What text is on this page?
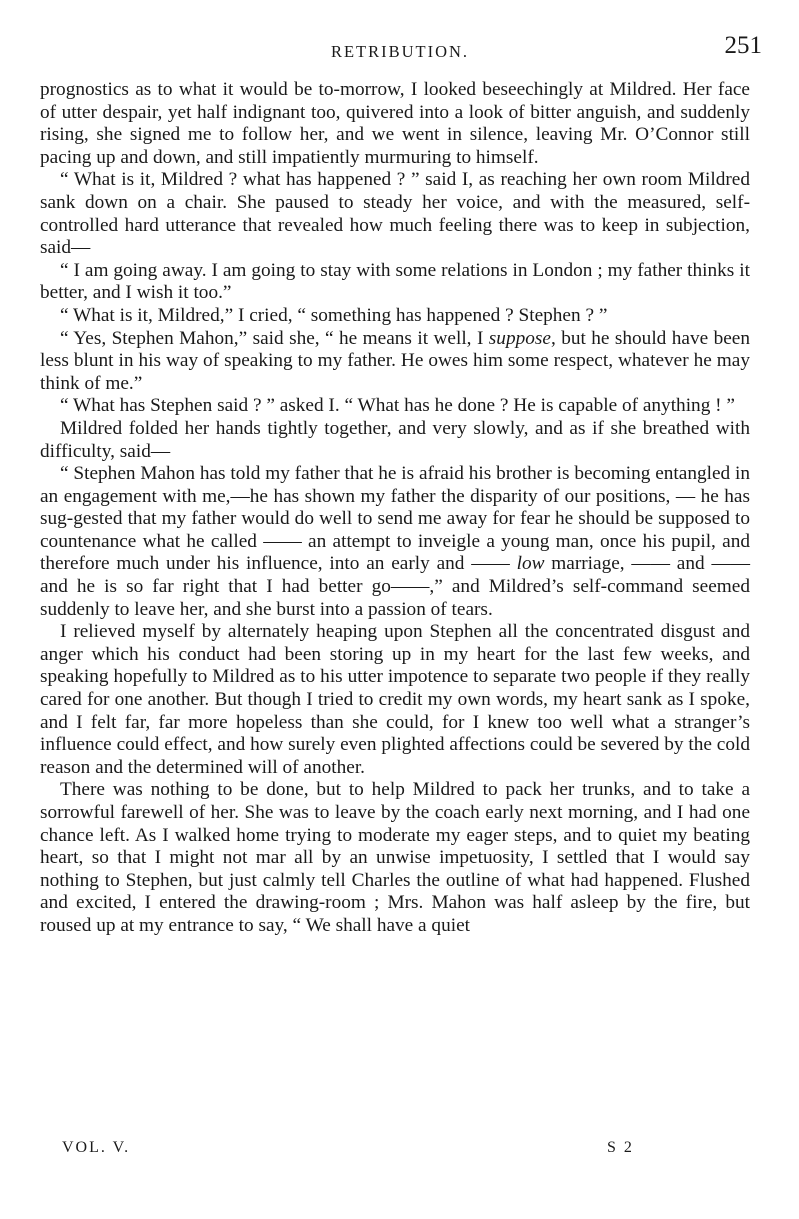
RETRIBUTION.	251

prognostics as to what it would be to-morrow, I looked beseechingly at Mildred. Her face of utter despair, yet half indignant too, quivered into a look of bitter anguish, and suddenly rising, she signed me to follow her, and we went in silence, leaving Mr. O’Connor still pacing up and down, and still impatiently murmuring to himself.

“ What is it, Mildred ? what has happened ? ” said I, as reaching her own room Mildred sank down on a chair. She paused to steady her voice, and with the measured, self-controlled hard utterance that revealed how much feeling there was to keep in subjection, said—

“ I am going away. I am going to stay with some relations in London ; my father thinks it better, and I wish it too.”

“ What is it, Mildred,” I cried, “ something has happened ? Stephen ? ”

“ Yes, Stephen Mahon,” said she, “ he means it well, I suppose, but he should have been less blunt in his way of speaking to my father. He owes him some respect, whatever he may think of me.”

“ What has Stephen said ? ” asked I. “ What has he done ? He is capable of anything ! ”

Mildred folded her hands tightly together, and very slowly, and as if she breathed with difficulty, said—

“ Stephen Mahon has told my father that he is afraid his brother is becoming entangled in an engagement with me,—he has shown my father the disparity of our positions, — he has sug-gested that my father would do well to send me away for fear he should be supposed to countenance what he called —— an attempt to inveigle a young man, once his pupil, and therefore much under his influence, into an early and —— low marriage, —— and —— and he is so far right that I had better go——,” and Mildred’s self-command seemed suddenly to leave her, and she burst into a passion of tears.

I relieved myself by alternately heaping upon Stephen all the concentrated disgust and anger which his conduct had been storing up in my heart for the last few weeks, and speaking hopefully to Mildred as to his utter impotence to separate two people if they really cared for one another. But though I tried to credit my own words, my heart sank as I spoke, and I felt far, far more hopeless than she could, for I knew too well what a stranger’s influence could effect, and how surely even plighted affections could be severed by the cold reason and the determined will of another.

There was nothing to be done, but to help Mildred to pack her trunks, and to take a sorrowful farewell of her. She was to leave by the coach early next morning, and I had one chance left. As I walked home trying to moderate my eager steps, and to quiet my beating heart, so that I might not mar all by an unwise impetuosity, I settled that I would say nothing to Stephen, but just calmly tell Charles the outline of what had happened. Flushed and excited, I entered the drawing-room ; Mrs. Mahon was half asleep by the fire, but roused up at my entrance to say, “ We shall have a quiet

VOL. V.	S 2
